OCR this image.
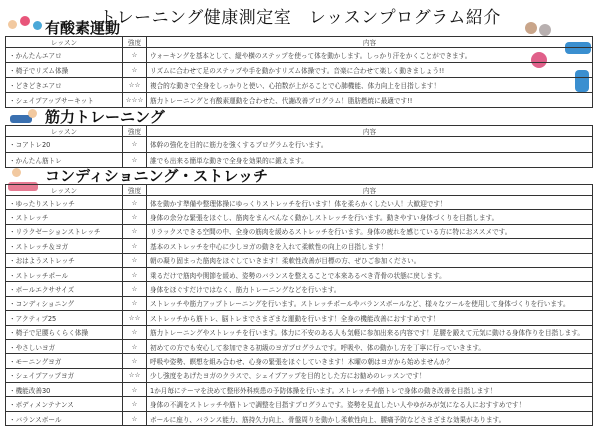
トレーニング健康測定室　レッスンプログラム紹介
有酸素運動
レッスン	強度	内容
・かんたんエアロ	☆	ウォーキングを基本として、縦や横のステップを使って体を動かします。しっかり汗をかくことができます。
・椅子でリズム体操	☆	リズムに合わせて足のステップや手を動かすリズム体操です。音楽に合わせて楽しく動きましょう!!
・どきどきエアロ	☆☆	複合的な動きで全身をしっかりと使い、心拍数が上がることで心肺機能、体力向上を目指します！
・シェイプアップサーキット	☆☆☆	筋力トレーニングと有酸素運動を合わせた、代謝改善プログラム！脂肪燃焼に最適です!!
筋力トレーニング
レッスン	強度	内容
・コアトレ20	☆	体幹の強化を目的に筋力を強くするプログラムを行います。
・かんたん筋トレ	☆	誰でも出来る簡単な動きで全身を効果的に鍛えます。
コンディショニング・ストレッチ
レッスン	強度	内容
・ゆったりストレッチ	☆	体を動かす準備や整理体操にゆっくりストレッチを行います！体を柔らかくしたい人！大歓迎です！
・ストレッチ	☆	身体の余分な緊張をほぐし、筋肉をまんべんなく動かしストレッチを行います。動きやすい身体づくりを目指します。
・リラクゼーションストレッチ	☆	リラックスできる空間の中、全身の筋肉を緩めるストレッチを行います。身体の疲れを感じている方に特におススメです。
・ストレッチ＆ヨガ	☆	基本のストレッチを中心に少しヨガの動きを入れて柔軟性の向上の目指します！
・おはようストレッチ	☆	朝の凝り固まった筋肉をほぐしていきます！柔軟性改善が目標の方、ぜひご参加ください。
・ストレッチポール	☆	乗るだけで筋肉や関節を緩め、姿勢のバランスを整えることで本来あるべき背骨の状態に戻します。
・ボールエクササイズ	☆	身体をほぐすだけではなく、筋力トレーニングなどを行います。
・コンディショニング	☆	ストレッチや筋力アップトレーニングを行います。ストレッチポールやバランスボールなど、様々なツールを使用して身体づくりを行います。
・アクティブ25	☆☆	ストレッチから筋トレ、脳トレまでさまざまな運動を行います！全身の機能改善におすすめです！
・椅子で足腰らくらく体操	☆	筋力トレーニングやストレッチを行います。体力に不安のある人も気軽に参加出来る内容です！足腰を鍛えて元気に動ける身体作りを目指します。
・やさしいヨガ	☆	初めての方でも安心して参加できる初級のヨガプログラムです。呼吸や、体の動かし方を丁寧に行っていきます。
・モーニングヨガ	☆	呼吸や姿勢、瞑想を組み合わせ、心身の緊張をほぐしていきます！木曜の朝はヨガから始めませんか？
・シェイプアップヨガ	☆☆	少し強度をあげたヨガのクラスで、シェイプアップを目的とした方にお勧めのレッスンです！
・機能改善30	☆	1か月毎にテーマを決めて整形外科疾患の予防体操を行います。ストレッチや筋トレで身体の動き改善を目指します！
・ボディメンテナンス	☆	身体の不調をストレッチや筋トレで調整を目指すプログラムです。姿勢を見直したい人やゆがみが気になる人におすすめです！
・バランスボール	☆	ボールに座り、バランス能力、筋持久力向上、骨盤周りを動かし柔軟性向上、腰痛予防などさまざまな効果があります。
